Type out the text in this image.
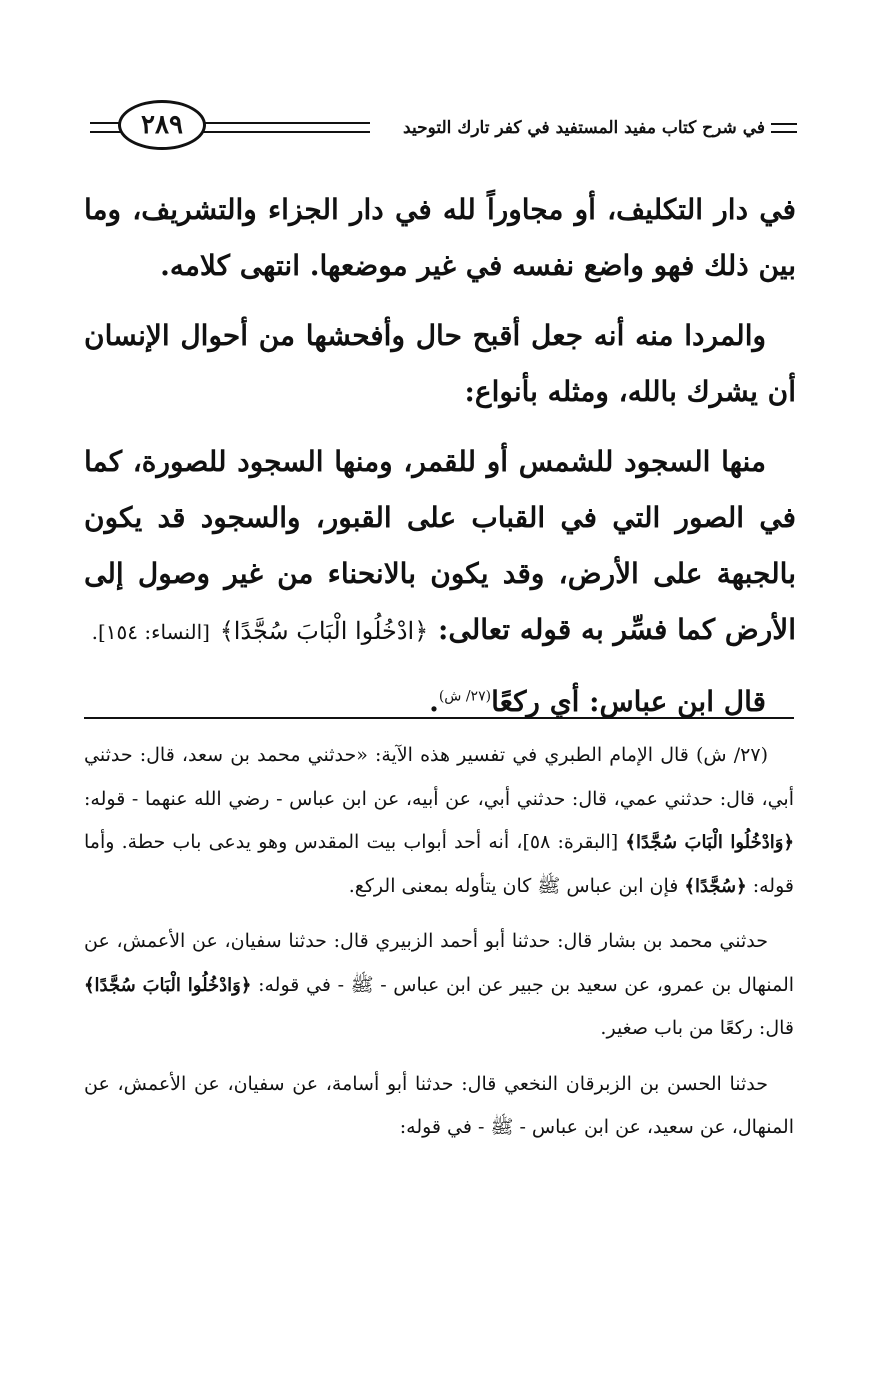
في شرح كتاب مفيد المستفيد في كفر تارك التوحيد
٢٨٩

في دار التكليف، أو مجاوراً لله في دار الجزاء والتشريف، وما بين ذلك فهو واضع نفسه في غير موضعها. انتهى كلامه.

والمردا منه أنه جعل أقبح حال وأفحشها من أحوال الإنسان أن يشرك بالله، ومثله بأنواع:

منها السجود للشمس أو للقمر، ومنها السجود للصورة، كما في الصور التي في القباب على القبور، والسجود قد يكون بالجبهة على الأرض، وقد يكون بالانحناء من غير وصول إلى الأرض كما فسِّر به قوله تعالى: ﴿ادْخُلُوا الْبَابَ سُجَّدًا﴾ [النساء: ١٥٤].

قال ابن عباس: أي ركعًا$^{(٢٧/ ش)}$.

(٢٧/ ش) قال الإمام الطبري في تفسير هذه الآية: «حدثني محمد بن سعد، قال: حدثني أبي، قال: حدثني عمي، قال: حدثني أبي، عن أبيه، عن ابن عباس - رضي الله عنهما - قوله: ﴿وَادْخُلُوا الْبَابَ سُجَّدًا﴾ [البقرة: ٥٨]، أنه أحد أبواب بيت المقدس وهو يدعى باب حطة. وأما قوله: ﴿سُجَّدًا﴾ فإن ابن عباس ﷺ كان يتأوله بمعنى الركع.

حدثني محمد بن بشار قال: حدثنا أبو أحمد الزبيري قال: حدثنا سفيان، عن الأعمش، عن المنهال بن عمرو، عن سعيد بن جبير عن ابن عباس - ﷺ - في قوله: ﴿وَادْخُلُوا الْبَابَ سُجَّدًا﴾ قال: ركعًا من باب صغير.

حدثنا الحسن بن الزبرقان النخعي قال: حدثنا أبو أسامة، عن سفيان، عن الأعمش، عن المنهال، عن سعيد، عن ابن عباس - ﷺ - في قوله:
